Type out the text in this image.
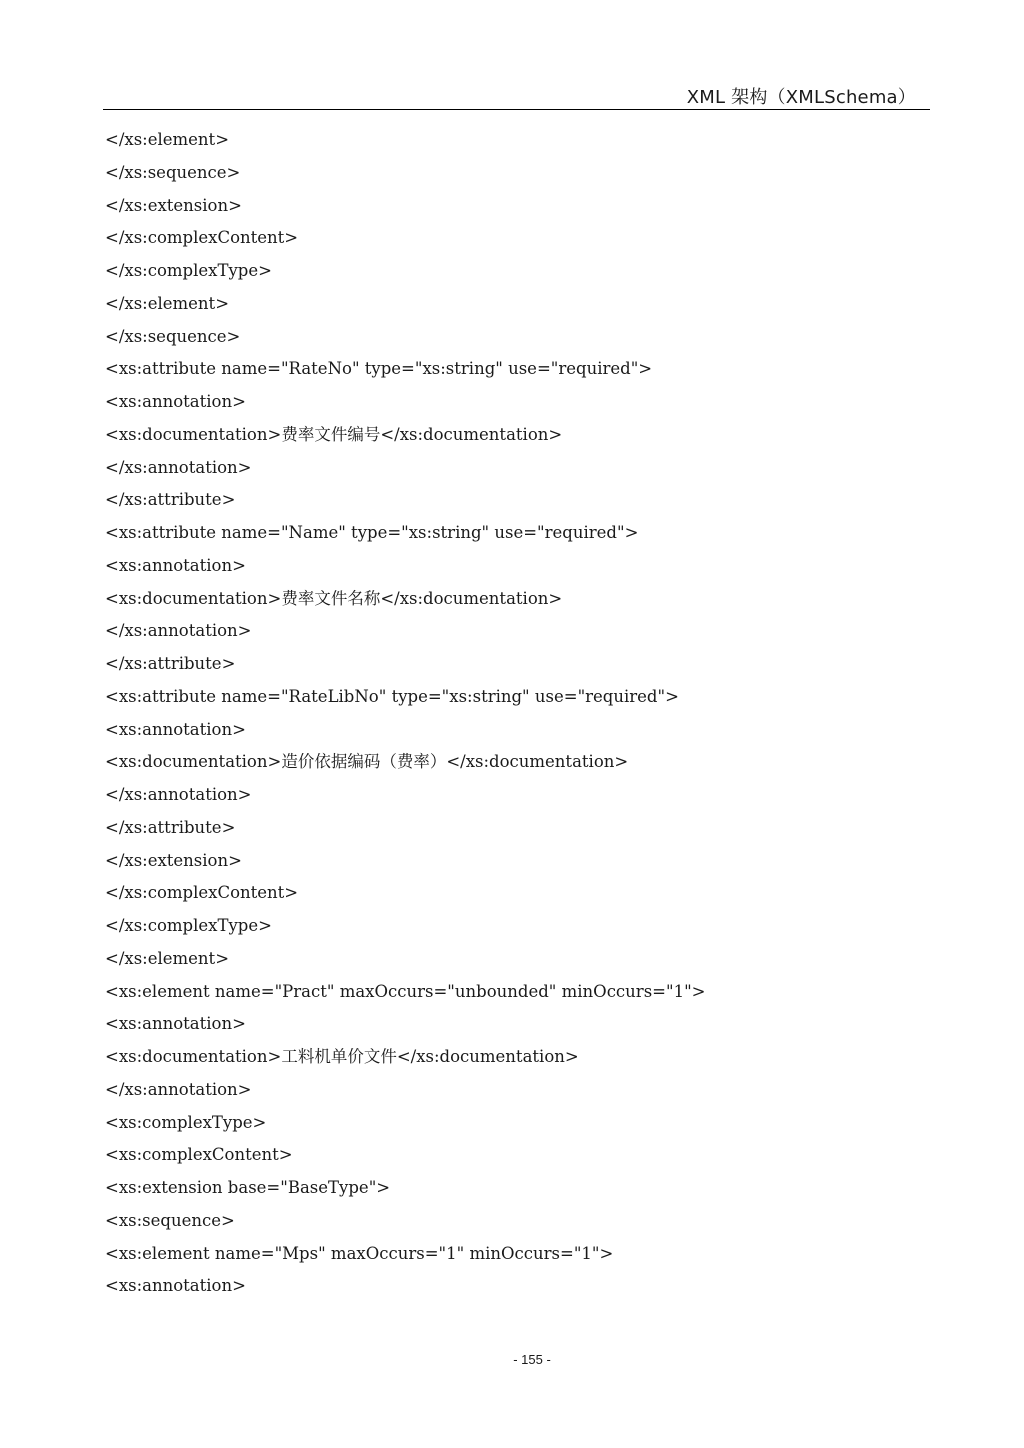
XML 架构（XMLSchema）
</xs:element>
</xs:sequence>
</xs:extension>
</xs:complexContent>
</xs:complexType>
</xs:element>
</xs:sequence>
<xs:attribute name="RateNo" type="xs:string" use="required">
<xs:annotation>
<xs:documentation>费率文件编号</xs:documentation>
</xs:annotation>
</xs:attribute>
<xs:attribute name="Name" type="xs:string" use="required">
<xs:annotation>
<xs:documentation>费率文件名称</xs:documentation>
</xs:annotation>
</xs:attribute>
<xs:attribute name="RateLibNo" type="xs:string" use="required">
<xs:annotation>
<xs:documentation>造价依据编码（费率）</xs:documentation>
</xs:annotation>
</xs:attribute>
</xs:extension>
</xs:complexContent>
</xs:complexType>
</xs:element>
<xs:element name="Pract" maxOccurs="unbounded" minOccurs="1">
<xs:annotation>
<xs:documentation>工料机单价文件</xs:documentation>
</xs:annotation>
<xs:complexType>
<xs:complexContent>
<xs:extension base="BaseType">
<xs:sequence>
<xs:element name="Mps" maxOccurs="1" minOccurs="1">
<xs:annotation>
- 155 -
